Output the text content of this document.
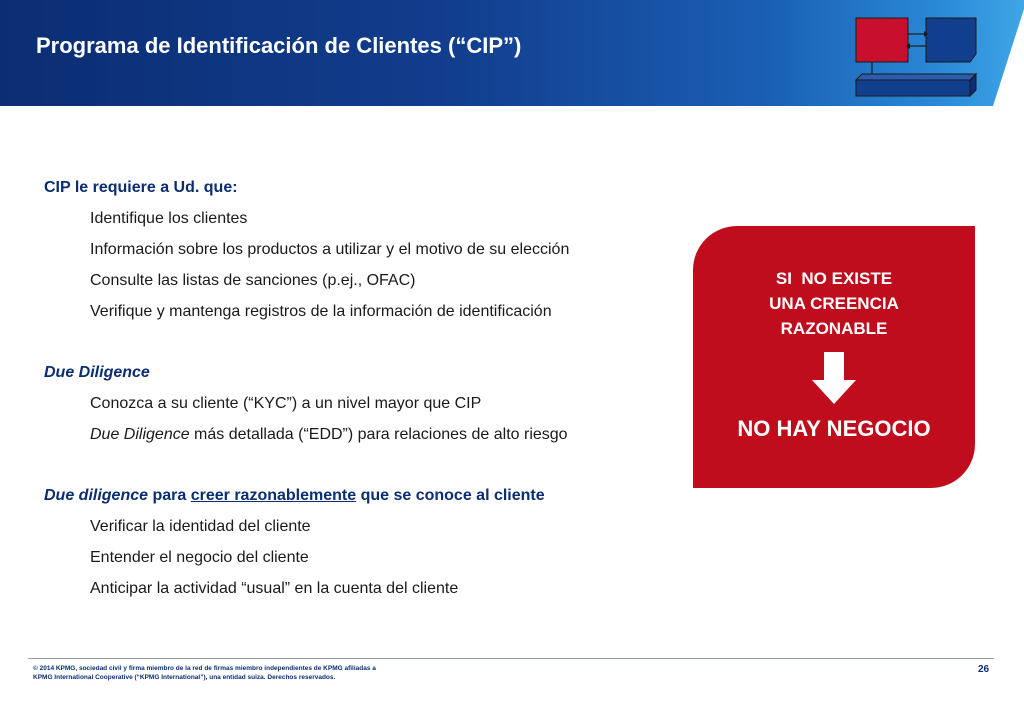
Programa de Identificación de Clientes (“CIP”)
CIP le requiere a Ud. que:
Identifique los clientes
Información sobre los productos a utilizar y el motivo de su elección
Consulte las listas de sanciones (p.ej., OFAC)
Verifique y mantenga registros de la información de identificación
Due Diligence
Conozca a su cliente (“KYC”) a un nivel mayor que CIP
Due Diligence más detallada (“EDD”) para relaciones de alto riesgo
Due diligence para creer razonablemente que se conoce al cliente
Verificar la identidad del cliente
Entender el negocio del cliente
Anticipar la actividad “usual” en la cuenta del cliente
SI  NO EXISTE
UNA CREENCIA
RAZONABLE
NO HAY NEGOCIO
© 2014 KPMG, sociedad civil y firma miembro de la red de firmas miembro independientes de KPMG afiliadas a
KPMG International Cooperative (“KPMG International”), una entidad suiza. Derechos reservados.
26
